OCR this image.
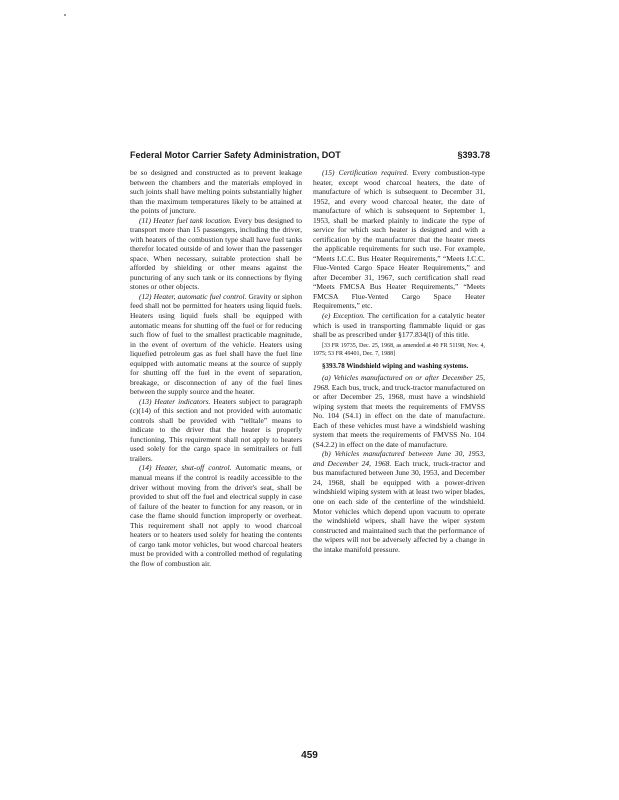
Federal Motor Carrier Safety Administration, DOT	§393.78

be so designed and constructed as to prevent leakage between the chambers and the materials employed in such joints shall have melting points substantially higher than the maximum temperatures likely to be attained at the points of juncture.

(11) Heater fuel tank location. Every bus designed to transport more than 15 passengers, including the driver, with heaters of the combustion type shall have fuel tanks therefor located outside of and lower than the passenger space. When necessary, suitable protection shall be afforded by shielding or other means against the puncturing of any such tank or its connections by flying stones or other objects.

(12) Heater, automatic fuel control. Gravity or siphon feed shall not be permitted for heaters using liquid fuels. Heaters using liquid fuels shall be equipped with automatic means for shutting off the fuel or for reducing such flow of fuel to the smallest practicable magnitude, in the event of overturn of the vehicle. Heaters using liquefied petroleum gas as fuel shall have the fuel line equipped with automatic means at the source of supply for shutting off the fuel in the event of separation, breakage, or disconnection of any of the fuel lines between the supply source and the heater.

(13) Heater indicators. Heaters subject to paragraph (c)(14) of this section and not provided with automatic controls shall be provided with “telltale” means to indicate to the driver that the heater is properly functioning. This requirement shall not apply to heaters used solely for the cargo space in semitrailers or full trailers.

(14) Heater, shut-off control. Automatic means, or manual means if the control is readily accessible to the driver without moving from the driver's seat, shall be provided to shut off the fuel and electrical supply in case of failure of the heater to function for any reason, or in case the flame should function improperly or overheat. This requirement shall not apply to wood charcoal heaters or to heaters used solely for heating the contents of cargo tank motor vehicles, but wood charcoal heaters must be provided with a controlled method of regulating the flow of combustion air.

(15) Certification required. Every combustion-type heater, except wood charcoal heaters, the date of manufacture of which is subsequent to December 31, 1952, and every wood charcoal heater, the date of manufacture of which is subsequent to September 1, 1953, shall be marked plainly to indicate the type of service for which such heater is designed and with a certification by the manufacturer that the heater meets the applicable requirements for such use. For example, “Meets I.C.C. Bus Heater Requirements,” “Meets I.C.C. Flue-Vented Cargo Space Heater Requirements,” and after December 31, 1967, such certification shall read “Meets FMCSA Bus Heater Requirements,” “Meets FMCSA Flue-Vented Cargo Space Heater Requirements,” etc.

(e) Exception. The certification for a catalytic heater which is used in transporting flammable liquid or gas shall be as prescribed under §177.834(l) of this title.

[33 FR 19735, Dec. 25, 1968, as amended at 40 FR 51198, Nov. 4, 1975; 53 FR 49401, Dec. 7, 1988]

§393.78 Windshield wiping and washing systems.

(a) Vehicles manufactured on or after December 25, 1968. Each bus, truck, and truck-tractor manufactured on or after December 25, 1968, must have a windshield wiping system that meets the requirements of FMVSS No. 104 (S4.1) in effect on the date of manufacture. Each of these vehicles must have a windshield washing system that meets the requirements of FMVSS No. 104 (S4.2.2) in effect on the date of manufacture.

(b) Vehicles manufactured between June 30, 1953, and December 24, 1968. Each truck, truck-tractor and bus manufactured between June 30, 1953, and December 24, 1968, shall be equipped with a power-driven windshield wiping system with at least two wiper blades, one on each side of the centerline of the windshield. Motor vehicles which depend upon vacuum to operate the windshield wipers, shall have the wiper system constructed and maintained such that the performance of the wipers will not be adversely affected by a change in the intake manifold pressure.

459
